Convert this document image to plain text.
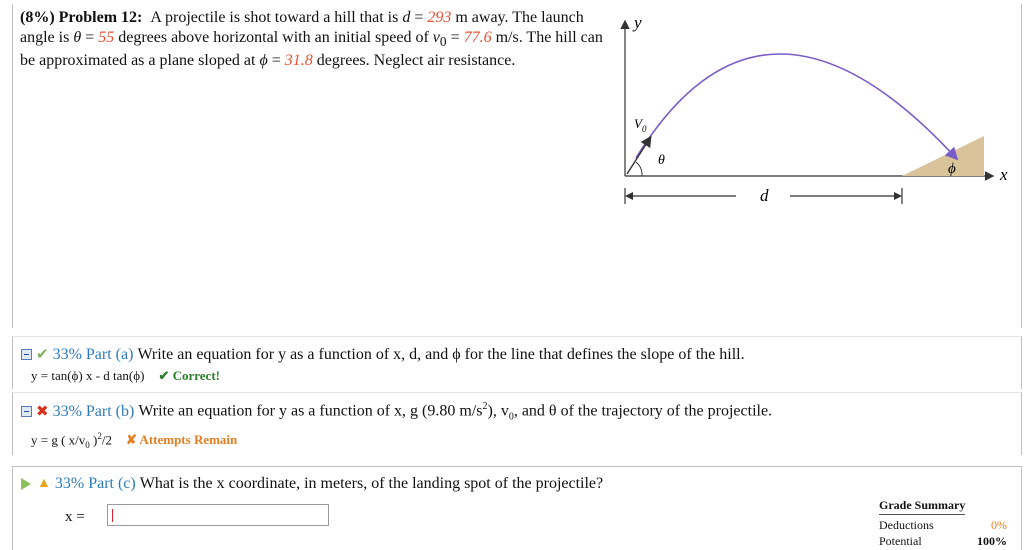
(8%) Problem 12: A projectile is shot toward a hill that is d = 293 m away. The launch angle is θ = 55 degrees above horizontal with an initial speed of $v_0 = 77.6$ m/s. The hill can be approximated as a plane sloped at ϕ = 31.8 degrees. Neglect air resistance.
y
x
ϕ
$V_0$
θ
d
✔ 33% Part (a) Write an equation for y as a function of x, d, and ϕ for the line that defines the slope of the hill.
y = tan(ϕ) x - d tan(ϕ) ✔ Correct!
✖ 33% Part (b) Write an equation for y as a function of x, g (9.80 $m/s^2$), $v_0$, and θ of the trajectory of the projectile.
y = g ( $x/v_0$ )$^2$/2 ✘ Attempts Remain
▲ 33% Part (c) What is the x coordinate, in meters, of the landing spot of the projectile?
x =
Grade Summary
Deductions	0%
Potential	100%
